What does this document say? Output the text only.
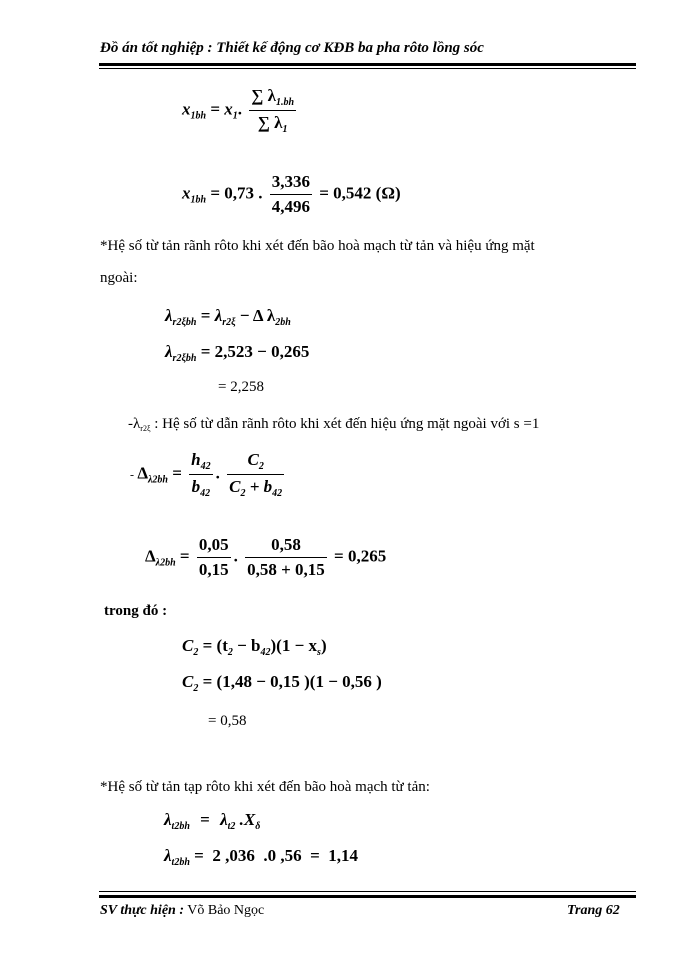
Đồ án tốt nghiệp : Thiết kế động cơ KĐB ba pha rôto lồng sóc
$x_{1bh} = x_1$. $\frac{\sum \lambda_{1.bh}}{\sum \lambda_1}$
$x_{1bh} = 0,73$ . $\frac{3,336}{4,496} = 0,542$ (Ω)
*Hệ số từ tản rãnh rôto khi xét đến bão hoà mạch từ tản và hiệu ứng mặt
ngoài:
$\lambda_{r2\xi bh} = \lambda_{r2\xi} - \Delta$ $\lambda_{2bh}$
$\lambda_{r2\xi bh} = 2,523 - 0,265$
= 2,258
$-\lambda_{r2\xi}$ : Hệ số từ dẫn rãnh rôto khi xét đến hiệu ứng mặt ngoài với s =1
- $\Delta_{\lambda 2bh} = \frac{h_{42}}{b_{42}}$ . $\frac{C_2}{C_2 + b_{42}}$
$\Delta_{\lambda 2bh} = \frac{0,05}{0,15}$ . $\frac{0,58}{0,58 + 0,15} = 0,265$
trong đó :
$C_2 = (t_2 - b_{42})(1 - x_s)$
$C_2 = (1,48 - 0,15$ )(1 − 0,56 )
= 0,58
*Hệ số từ tản tạp rôto khi xét đến bão hoà mạch từ tản:
$\lambda_{t2bh} = \lambda_{t2}$ $.X_\delta$
$\lambda_{t2bh} = 2$ ,036  .0 ,56  =  1,14
SV thực hiện : Võ Bảo Ngọc	Trang 62
